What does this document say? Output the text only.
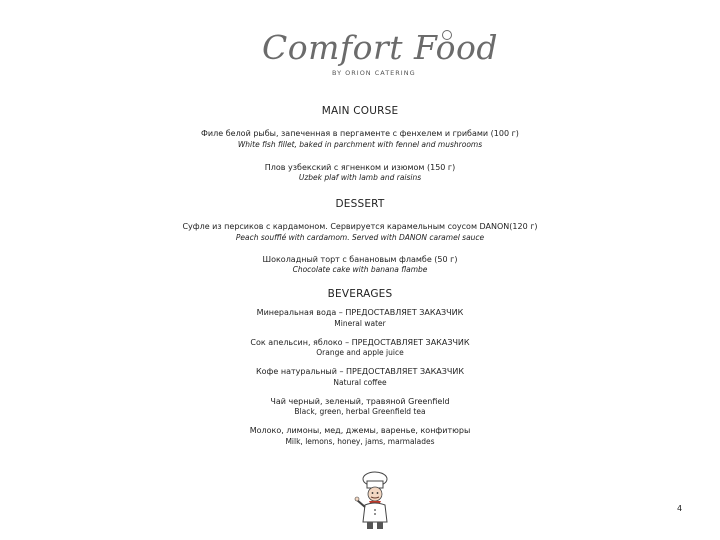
Comfort Food
BY ORION CATERING
MAIN COURSE
Филе белой рыбы, запеченная в пергаменте с фенхелем и грибами (100 г)
White fish fillet, baked in parchment with fennel and mushrooms
Плов узбекский с ягненком и изюмом (150 г)
Uzbek plaf with lamb and raisins
DESSERT
Суфле из персиков с кардамоном. Сервируется карамельным соусом DANON(120 г)
Peach soufflé with cardamom. Served with DANON caramel sauce
Шоколадный торт с банановым фламбе (50 г)
Chocolate cake with banana flambe
BEVERAGES
Минеральная вода – ПРЕДОСТАВЛЯЕТ ЗАКАЗЧИК
Mineral water
Сок апельсин, яблоко – ПРЕДОСТАВЛЯЕТ ЗАКАЗЧИК
Orange and apple juice
Кофе натуральный – ПРЕДОСТАВЛЯЕТ ЗАКАЗЧИК
Natural coffee
Чай черный, зеленый, травяной Greenfield
Black, green, herbal Greenfield tea
Молоко, лимоны, мед, джемы, варенье, конфитюры
Milk, lemons, honey, jams, marmalades
4
